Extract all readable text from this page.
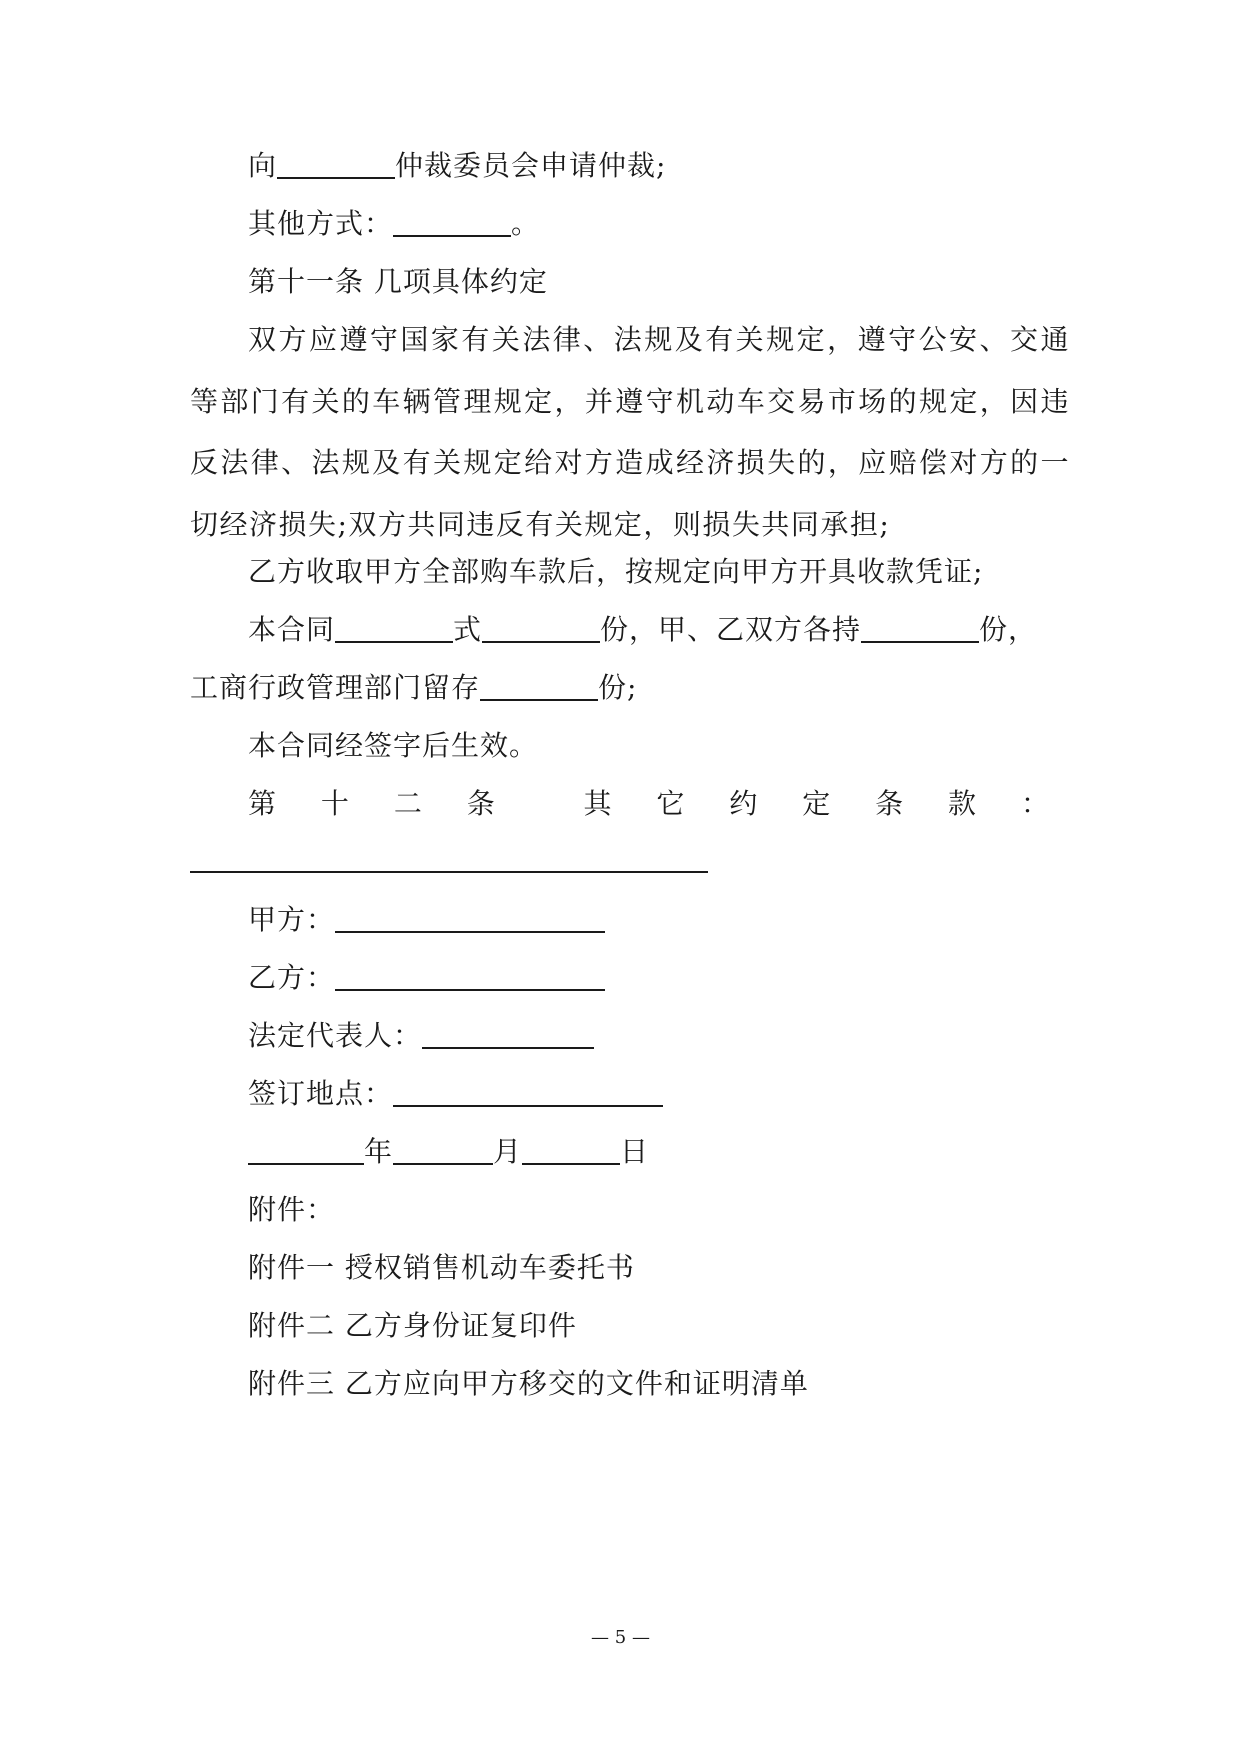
向	仲裁委员会申请仲裁;
其他方式：	。
第十一条 几项具体约定
双方应遵守国家有关法律、法规及有关规定，遵守公安、交通等部门有关的车辆管理规定，并遵守机动车交易市场的规定，因违反法律、法规及有关规定给对方造成经济损失的，应赔偿对方的一切经济损失;双方共同违反有关规定，则损失共同承担;
乙方收取甲方全部购车款后，按规定向甲方开具收款凭证;
本合同	式	份，甲、乙双方各持	份，
工商行政管理部门留存	份;
本合同经签字后生效。
第 十 二 条	其 它 约 定 条 款 ：
甲方：
乙方：
法定代表人：
签订地点：
年	月	日
附件：
附件一 授权销售机动车委托书
附件二 乙方身份证复印件
附件三 乙方应向甲方移交的文件和证明清单
— 5 —
